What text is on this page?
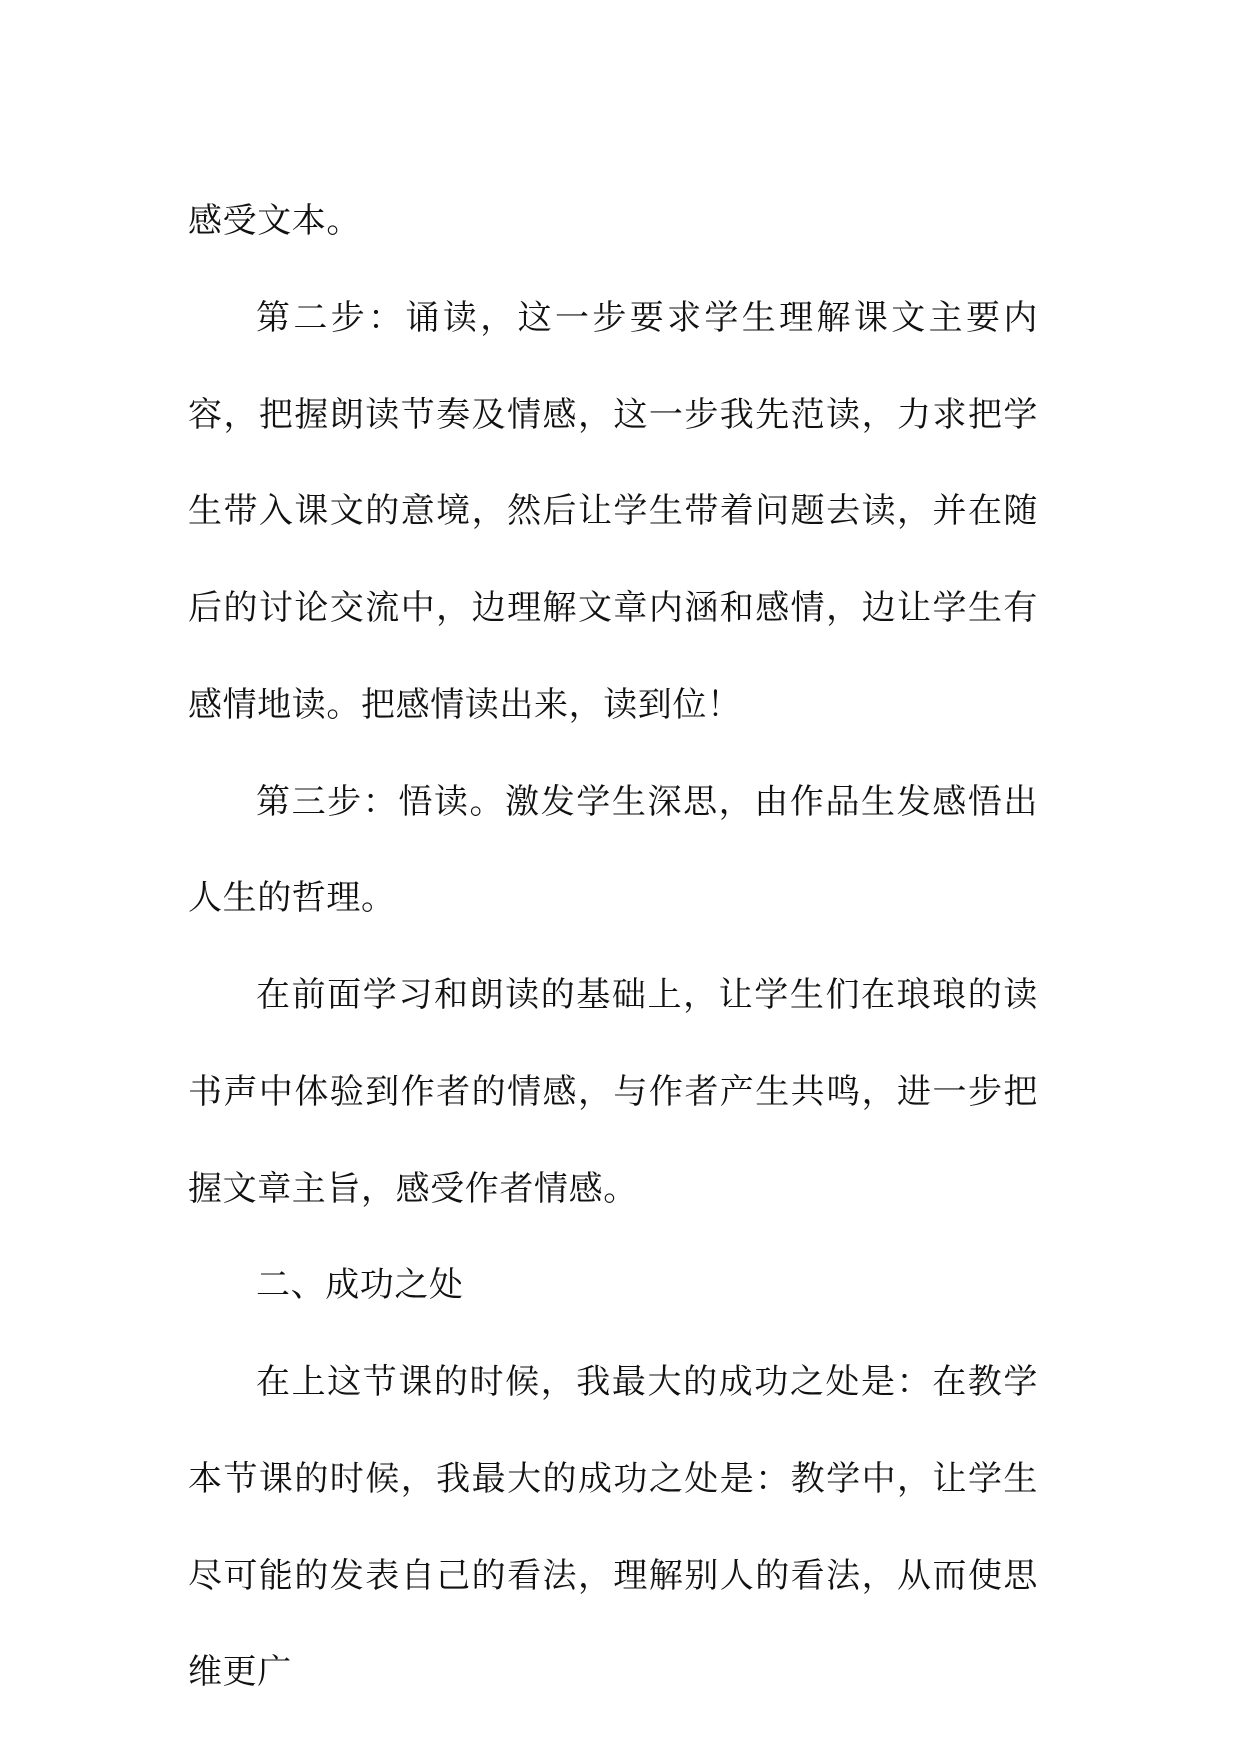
感受文本。

第二步：诵读，这一步要求学生理解课文主要内容，把握朗读节奏及情感，这一步我先范读，力求把学生带入课文的意境，然后让学生带着问题去读，并在随后的讨论交流中，边理解文章内涵和感情，边让学生有感情地读。把感情读出来，读到位！

第三步：悟读。激发学生深思，由作品生发感悟出人生的哲理。

在前面学习和朗读的基础上，让学生们在琅琅的读书声中体验到作者的情感，与作者产生共鸣，进一步把握文章主旨，感受作者情感。

二、成功之处

在上这节课的时候，我最大的成功之处是：在教学本节课的时候，我最大的成功之处是：教学中，让学生尽可能的发表自己的看法，理解别人的看法，从而使思维更广
